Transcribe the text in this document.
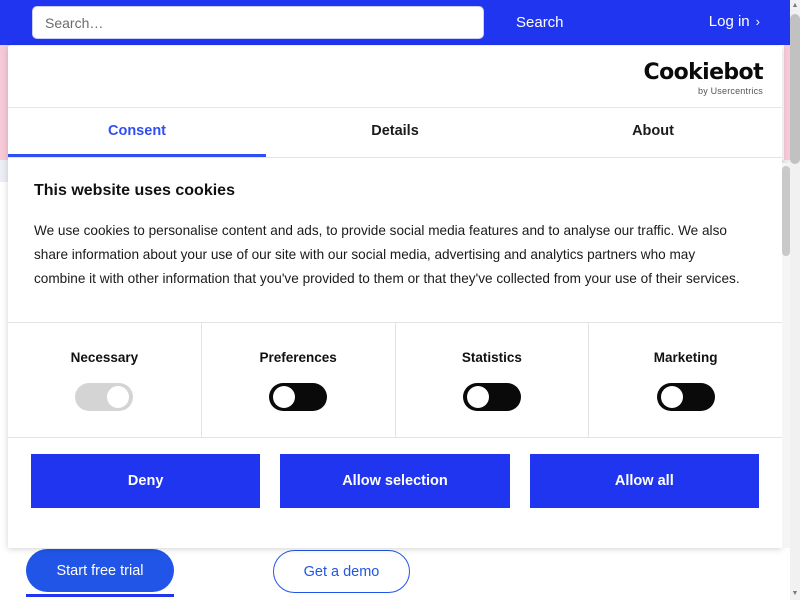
Start free trial	Get a demo
Search…
Search	Log in ›
Cookiebot
by Usercentrics
Consent	Details	About
This website uses cookies

We use cookies to personalise content and ads, to provide social media features and to analyse our traffic. We also share information about your use of our site with our social media, advertising and analytics partners who may combine it with other information that you've provided to them or that they've collected from your use of their services.

Necessary	Preferences	Statistics	Marketing
Deny	Allow selection	Allow all
▲
▼
